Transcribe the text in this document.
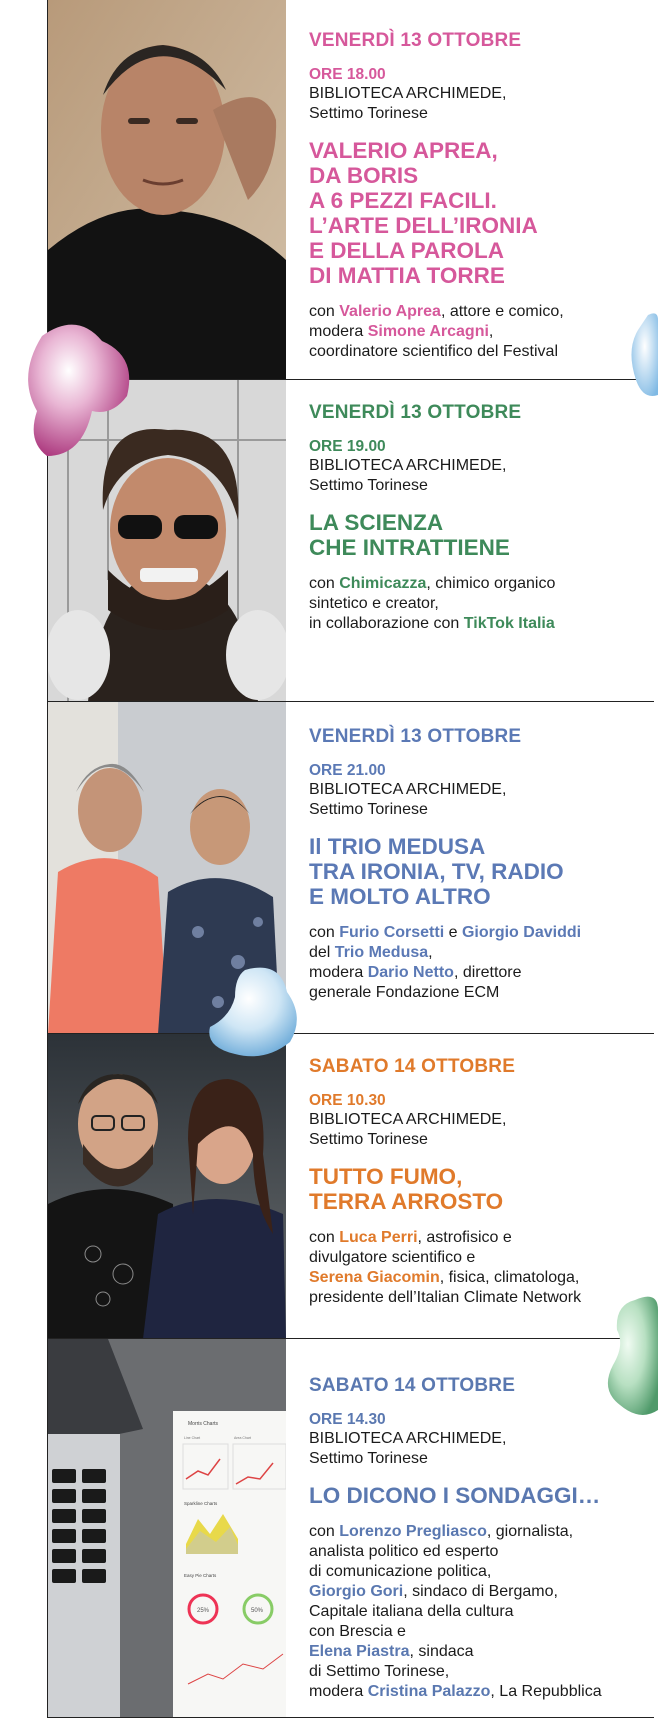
VENERDÌ 13 OTTOBRE

ORE 18.00

BIBLIOTECA ARCHIMEDE,

Settimo Torinese

VALERIO APREA,
DA BORIS
A 6 PEZZI FACILI.
L’ARTE DELL’IRONIA
E DELLA PAROLA
DI MATTIA TORRE

con Valerio Aprea, attore e comico,
modera Simone Arcagni,
coordinatore scientifico del Festival

VENERDÌ 13 OTTOBRE

ORE 19.00

BIBLIOTECA ARCHIMEDE,

Settimo Torinese

LA SCIENZA
CHE INTRATTIENE

con Chimicazza, chimico organico
sintetico e creator,
in collaborazione con TikTok Italia

VENERDÌ 13 OTTOBRE

ORE 21.00

BIBLIOTECA ARCHIMEDE,

Settimo Torinese

Il TRIO MEDUSA
TRA IRONIA, TV, RADIO
E MOLTO ALTRO

con Furio Corsetti e Giorgio Daviddi
del Trio Medusa,
modera Dario Netto, direttore
generale Fondazione ECM

SABATO 14 OTTOBRE

ORE 10.30

BIBLIOTECA ARCHIMEDE,

Settimo Torinese

TUTTO FUMO,
TERRA ARROSTO

con Luca Perri, astrofisico e
divulgatore scientifico e
Serena Giacomin, fisica, climatologa,
presidente dell’Italian Climate Network

Morris Charts
Line Chart	Area Chart
Sparkline Charts
Easy Pie Charts
25%	50%

SABATO 14 OTTOBRE

ORE 14.30

BIBLIOTECA ARCHIMEDE,

Settimo Torinese

LO DICONO I SONDAGGI…

con Lorenzo Pregliasco, giornalista,
analista politico ed esperto
di comunicazione politica,
Giorgio Gori, sindaco di Bergamo,
Capitale italiana della cultura
con Brescia e
Elena Piastra, sindaca
di Settimo Torinese,
modera Cristina Palazzo, La Repubblica
